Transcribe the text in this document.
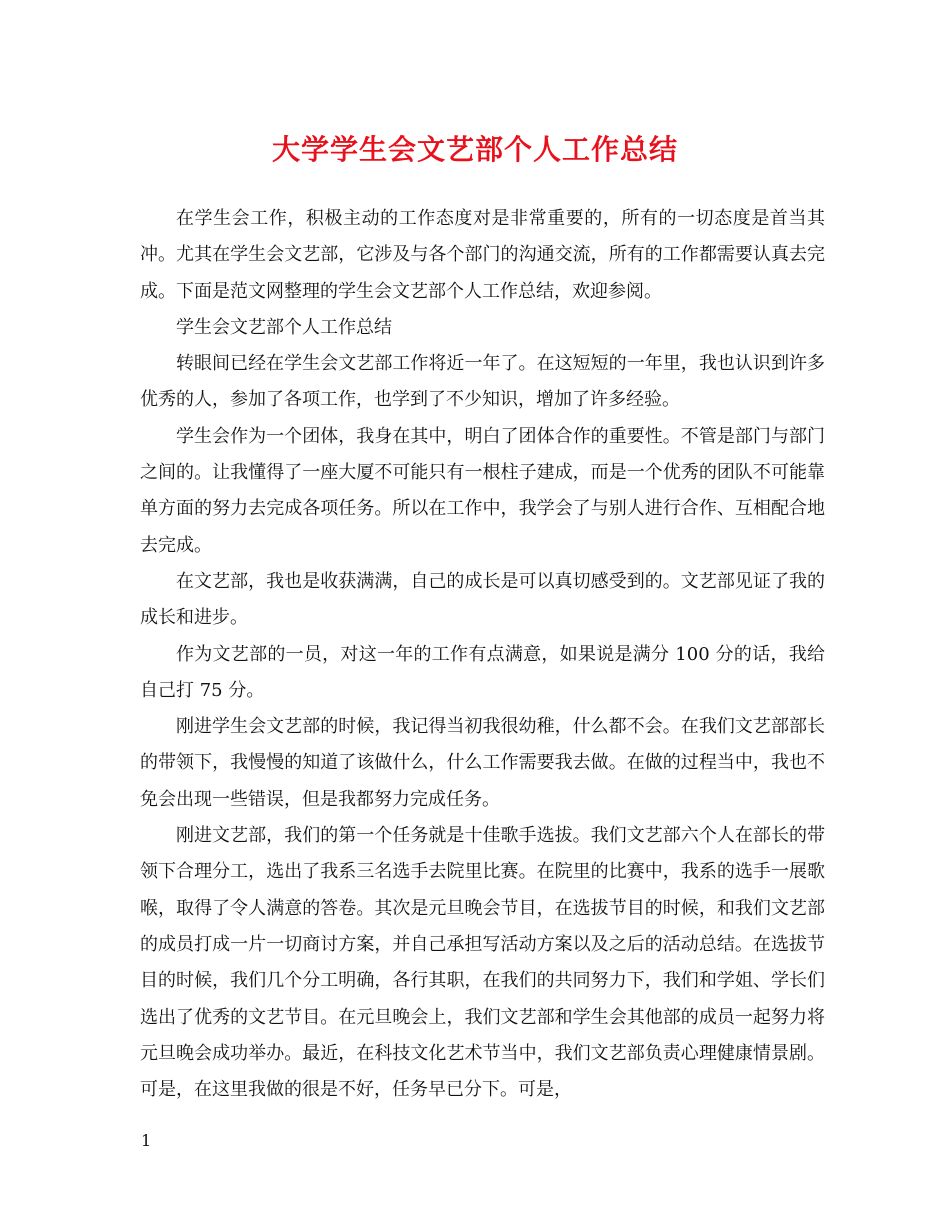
大学学生会文艺部个人工作总结

在学生会工作，积极主动的工作态度对是非常重要的，所有的一切态度是首当其冲。尤其在学生会文艺部，它涉及与各个部门的沟通交流，所有的工作都需要认真去完成。下面是范文网整理的学生会文艺部个人工作总结，欢迎参阅。

学生会文艺部个人工作总结

转眼间已经在学生会文艺部工作将近一年了。在这短短的一年里，我也认识到许多优秀的人，参加了各项工作，也学到了不少知识，增加了许多经验。

学生会作为一个团体，我身在其中，明白了团体合作的重要性。不管是部门与部门之间的。让我懂得了一座大厦不可能只有一根柱子建成，而是一个优秀的团队不可能靠单方面的努力去完成各项任务。所以在工作中，我学会了与别人进行合作、互相配合地去完成。

在文艺部，我也是收获满满，自己的成长是可以真切感受到的。文艺部见证了我的成长和进步。

作为文艺部的一员，对这一年的工作有点满意，如果说是满分 100 分的话，我给自己打 75 分。

刚进学生会文艺部的时候，我记得当初我很幼稚，什么都不会。在我们文艺部部长的带领下，我慢慢的知道了该做什么，什么工作需要我去做。在做的过程当中，我也不免会出现一些错误，但是我都努力完成任务。

刚进文艺部，我们的第一个任务就是十佳歌手选拔。我们文艺部六个人在部长的带领下合理分工，选出了我系三名选手去院里比赛。在院里的比赛中，我系的选手一展歌喉，取得了令人满意的答卷。其次是元旦晚会节目，在选拔节目的时候，和我们文艺部的成员打成一片一切商讨方案，并自己承担写活动方案以及之后的活动总结。在选拔节目的时候，我们几个分工明确，各行其职，在我们的共同努力下，我们和学姐、学长们选出了优秀的文艺节目。在元旦晚会上，我们文艺部和学生会其他部的成员一起努力将元旦晚会成功举办。最近，在科技文化艺术节当中，我们文艺部负责心理健康情景剧。可是，在这里我做的很是不好，任务早已分下。可是，

1
